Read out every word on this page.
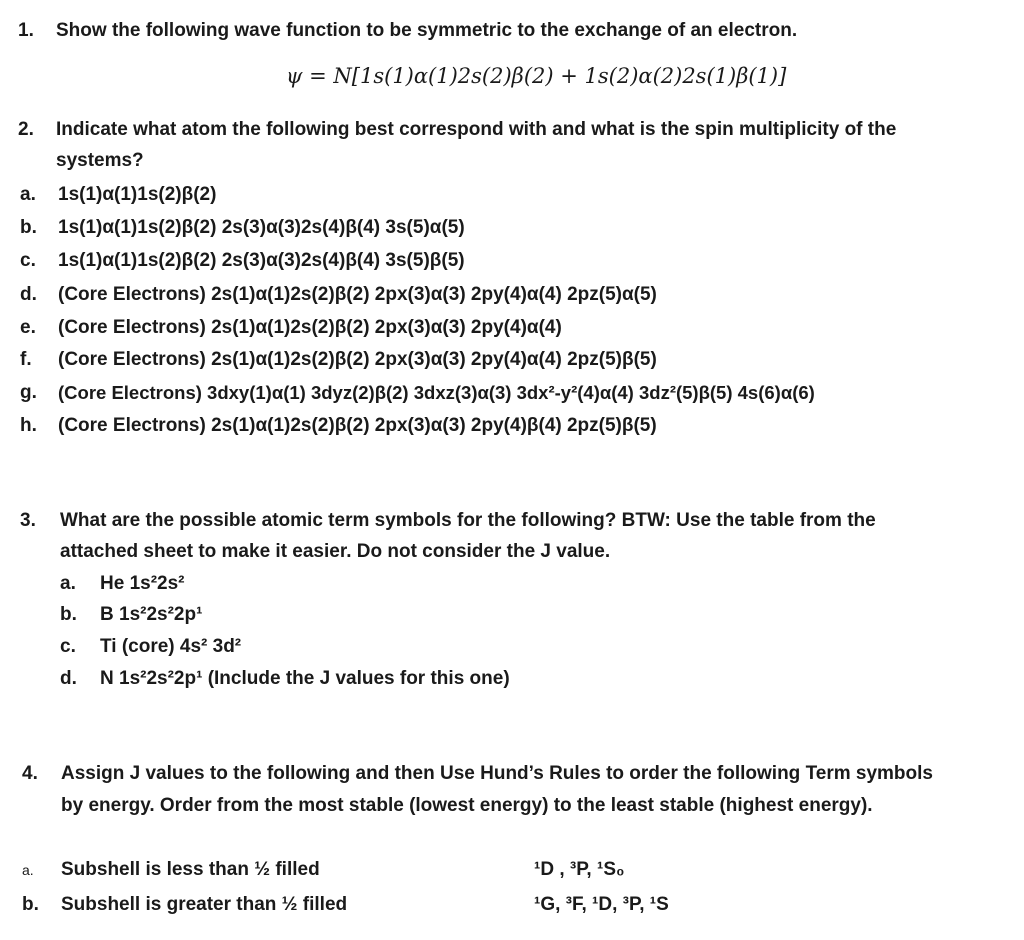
1. Show the following wave function to be symmetric to the exchange of an electron.
ψ = N[1s(1)α(1)2s(2)β(2) + 1s(2)α(2)2s(1)β(1)]
2. Indicate what atom the following best correspond with and what is the spin multiplicity of the
systems?
a. 1s(1)α(1)1s(2)β(2)
b. 1s(1)α(1)1s(2)β(2) 2s(3)α(3)2s(4)β(4) 3s(5)α(5)
c. 1s(1)α(1)1s(2)β(2) 2s(3)α(3)2s(4)β(4) 3s(5)β(5)
d. (Core Electrons) 2s(1)α(1)2s(2)β(2) 2px(3)α(3) 2py(4)α(4) 2pz(5)α(5)
e. (Core Electrons) 2s(1)α(1)2s(2)β(2) 2px(3)α(3) 2py(4)α(4)
f. (Core Electrons) 2s(1)α(1)2s(2)β(2) 2px(3)α(3) 2py(4)α(4) 2pz(5)β(5)
g. (Core Electrons) 3dxy(1)α(1) 3dyz(2)β(2) 3dxz(3)α(3) 3dx²-y²(4)α(4) 3dz²(5)β(5) 4s(6)α(6)
h. (Core Electrons) 2s(1)α(1)2s(2)β(2) 2px(3)α(3) 2py(4)β(4) 2pz(5)β(5)
3. What are the possible atomic term symbols for the following? BTW: Use the table from the
attached sheet to make it easier. Do not consider the J value.
a. He 1s²2s²
b. B 1s²2s²2p¹
c. Ti (core) 4s² 3d²
d. N 1s²2s²2p¹ (Include the J values for this one)
4. Assign J values to the following and then Use Hund’s Rules to order the following Term symbols
by energy. Order from the most stable (lowest energy) to the least stable (highest energy).
a. Subshell is less than ½ filled	¹D , ³P, ¹S₀
b. Subshell is greater than ½ filled	¹G, ³F, ¹D, ³P, ¹S
